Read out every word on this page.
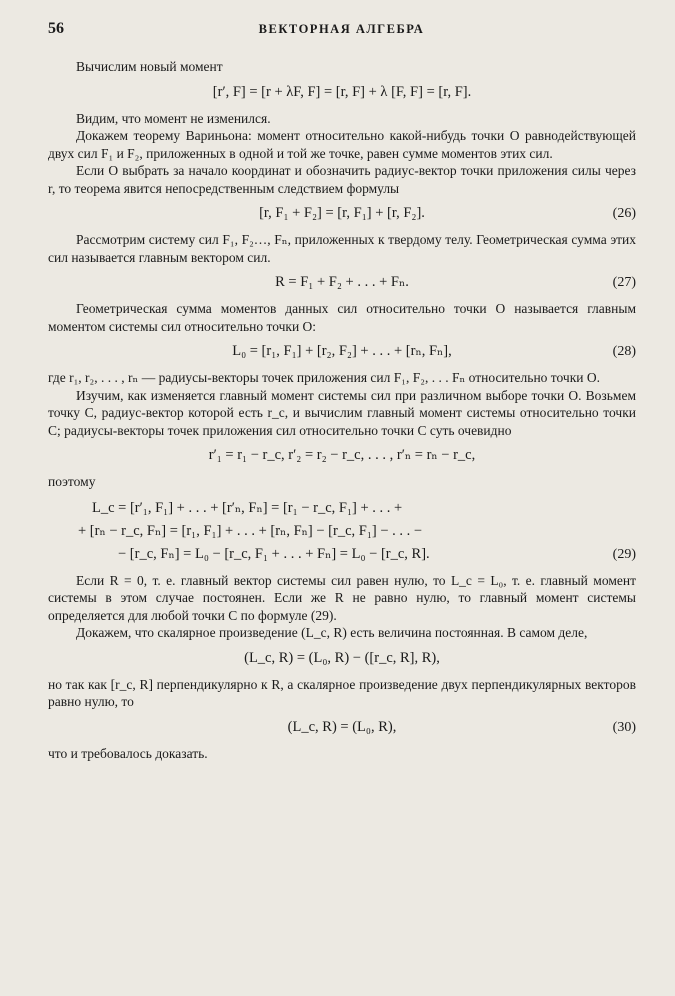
56	ВЕКТОРНАЯ АЛГЕБРА

Вычислим новый момент

[r′, F] = [r + λF, F] = [r, F] + λ [F, F] = [r, F].

Видим, что момент не изменился.

Докажем теорему Вариньона: момент относительно какой-нибудь точки O равнодействующей двух сил F₁ и F₂, приложенных в одной и той же точке, равен сумме моментов этих сил.

Если O выбрать за начало координат и обозначить радиус-вектор точки приложения силы через r, то теорема явится непосредственным следствием формулы

[r, F₁ + F₂] = [r, F₁] + [r, F₂].	(26)

Рассмотрим систему сил F₁, F₂…, Fₙ, приложенных к твердому телу. Геометрическая сумма этих сил называется главным вектором сил.

R = F₁ + F₂ + . . . + Fₙ.	(27)

Геометрическая сумма моментов данных сил относительно точки O называется главным моментом системы сил относительно точки O:

L₀ = [r₁, F₁] + [r₂, F₂] + . . . + [rₙ, Fₙ],	(28)

где r₁, r₂, . . . , rₙ — радиусы-векторы точек приложения сил F₁, F₂, . . . Fₙ относительно точки O.

Изучим, как изменяется главный момент системы сил при различном выборе точки O. Возьмем точку C, радиус-вектор которой есть r_c, и вычислим главный момент системы относительно точки C; радиусы-векторы точек приложения сил относительно точки C суть очевидно

r′₁ = r₁ − r_c, r′₂ = r₂ − r_c, . . . , r′ₙ = rₙ − r_c,

поэтому

L_c = [r′₁, F₁] + . . . + [r′ₙ, Fₙ] = [r₁ − r_c, F₁] + . . . +
+ [rₙ − r_c, Fₙ] = [r₁, F₁] + . . . + [rₙ, Fₙ] − [r_c, F₁] − . . . −
− [r_c, Fₙ] = L₀ − [r_c, F₁ + . . . + Fₙ] = L₀ − [r_c, R].	(29)

Если R = 0, т. е. главный вектор системы сил равен нулю, то L_c = L₀, т. е. главный момент системы в этом случае постоянен. Если же R не равно нулю, то главный момент системы определяется для любой точки C по формуле (29).

Докажем, что скалярное произведение (L_c, R) есть величина постоянная. В самом деле,

(L_c, R) = (L₀, R) − ([r_c, R], R),

но так как [r_c, R] перпендикулярно к R, а скалярное произведение двух перпендикулярных векторов равно нулю, то

(L_c, R) = (L₀, R),	(30)

что и требовалось доказать.
